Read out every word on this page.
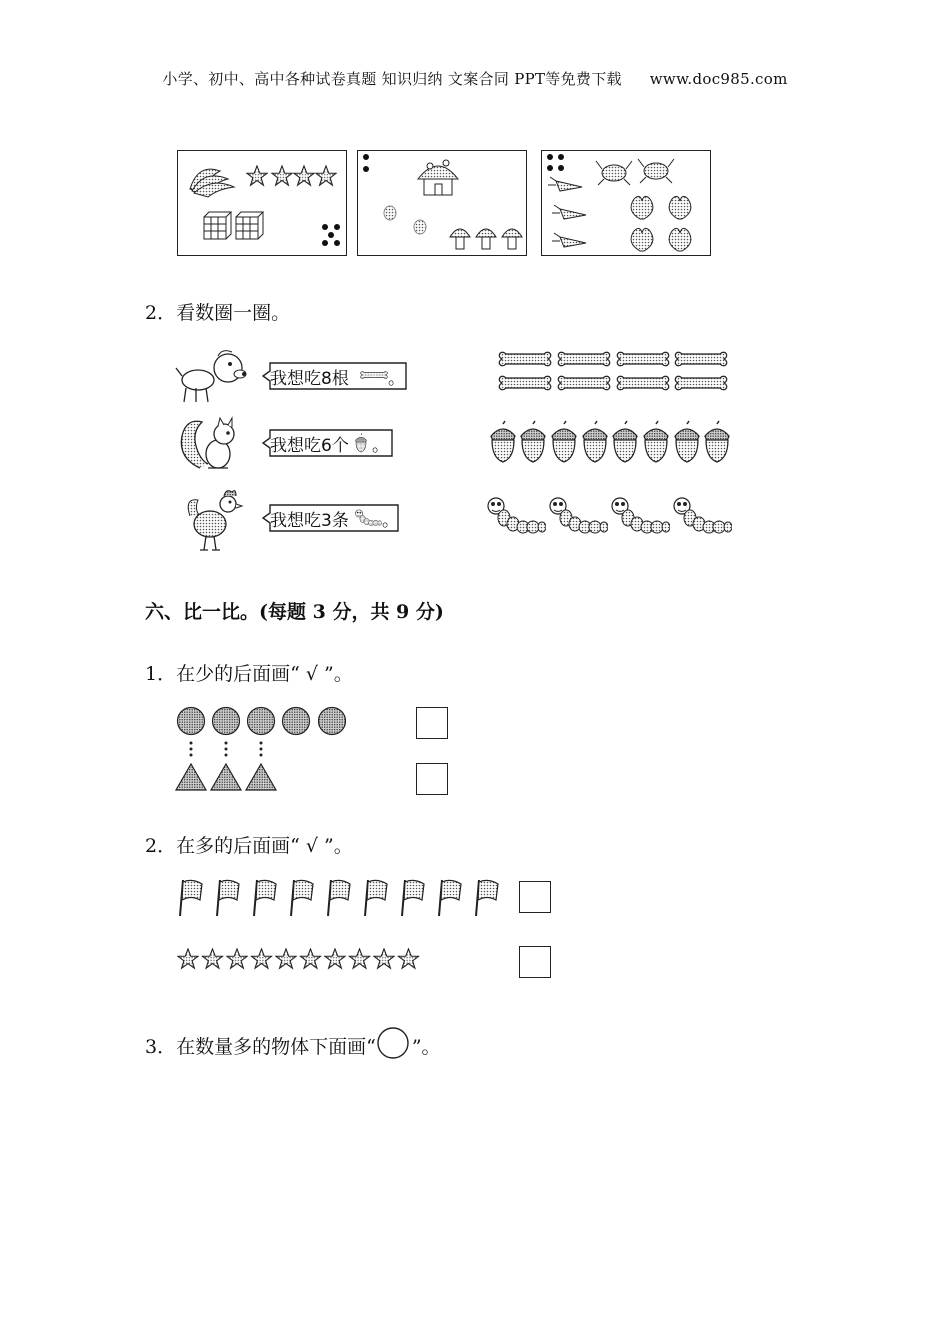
小学、初中、高中各种试卷真题 知识归纳 文案合同 PPT等免费下载 www.doc985.com
2．看数圈一圈。
我想吃8根 。
我想吃6个 。
我想吃3条 。
六、比一比。(每题 3 分，共 9 分)
1．在少的后面画“ √ ”。
2．在多的后面画“ √ ”。
3．在数量多的物体下面画“ ”。
